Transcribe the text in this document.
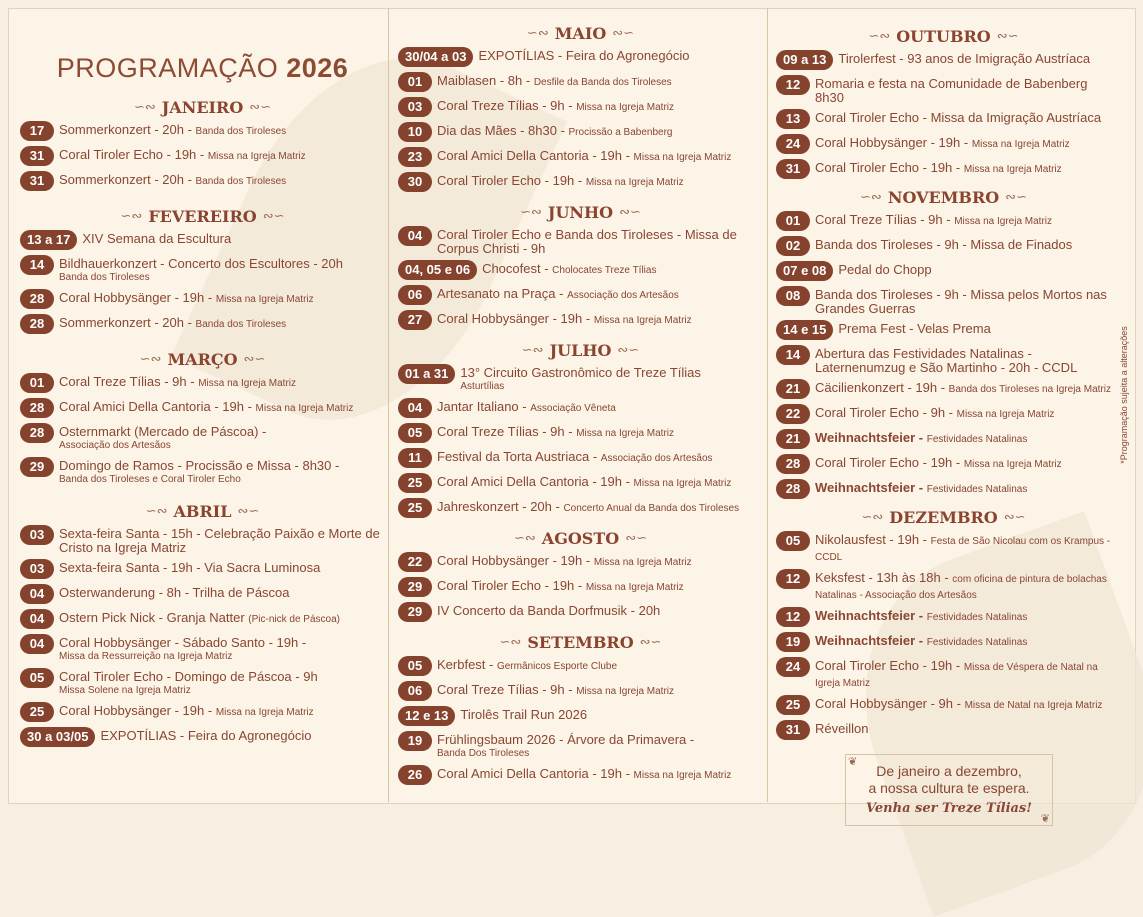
PROGRAMAÇÃO 2026
∽∾ JANEIRO ∾∽
17	Sommerkonzert - 20h - Banda dos Tiroleses
31	Coral Tiroler Echo - 19h - Missa na Igreja Matriz
31	Sommerkonzert - 20h - Banda dos Tiroleses
∽∾ FEVEREIRO ∾∽
13 a 17 XIV Semana da Escultura
14	Bildhauerkonzert - Concerto dos Escultores - 20h
Banda dos Tiroleses
28	Coral Hobbysänger - 19h - Missa na Igreja Matriz
28	Sommerkonzert - 20h - Banda dos Tiroleses
∽∾ MARÇO ∾∽
01	Coral Treze Tílias - 9h - Missa na Igreja Matriz
28	Coral Amici Della Cantoria - 19h - Missa na Igreja Matriz
28	Osternmarkt (Mercado de Páscoa) -
Associação dos Artesãos
29	Domingo de Ramos - Procissão e Missa - 8h30 -
Banda dos Tiroleses e Coral Tiroler Echo
∽∾ ABRIL ∾∽
03	Sexta-feira Santa - 15h - Celebração Paixão e Morte de Cristo na Igreja Matriz
03	Sexta-feira Santa - 19h - Via Sacra Luminosa
04	Osterwanderung - 8h - Trilha de Páscoa
04	Ostern Pick Nick - Granja Natter (Pic-nick de Páscoa)
04	Coral Hobbysänger - Sábado Santo - 19h -
Missa da Ressurreição na Igreja Matriz
05	Coral Tiroler Echo - Domingo de Páscoa - 9h
Missa Solene na Igreja Matriz
25	Coral Hobbysänger - 19h - Missa na Igreja Matriz
30 a 03/05 EXPOTÍLIAS - Feira do Agronegócio
∽∾ MAIO ∾∽
30/04 a 03 EXPOTÍLIAS - Feira do Agronegócio
01	Maiblasen - 8h - Desfile da Banda dos Tiroleses
03	Coral Treze Tílias - 9h - Missa na Igreja Matriz
10	Dia das Mães - 8h30 - Procissão a Babenberg
23	Coral Amici Della Cantoria - 19h - Missa na Igreja Matriz
30	Coral Tiroler Echo - 19h - Missa na Igreja Matriz
∽∾ JUNHO ∾∽
04	Coral Tiroler Echo e Banda dos Tiroleses - Missa de Corpus Christi - 9h
04, 05 e 06 Chocofest - Cholocates Treze Tílias
06	Artesanato na Praça - Associação dos Artesãos
27	Coral Hobbysänger - 19h - Missa na Igreja Matriz
∽∾ JULHO ∾∽
01 a 31 13° Circuito Gastronômico de Treze Tílias
Asturtílias
04	Jantar Italiano - Associação Vêneta
05	Coral Treze Tílias - 9h - Missa na Igreja Matriz
11	Festival da Torta Austriaca - Associação dos Artesãos
25	Coral Amici Della Cantoria - 19h - Missa na Igreja Matriz
25	Jahreskonzert - 20h - Concerto Anual da Banda dos Tiroleses
∽∾ AGOSTO ∾∽
22	Coral Hobbysänger - 19h - Missa na Igreja Matriz
29	Coral Tiroler Echo - 19h - Missa na Igreja Matriz
29	IV Concerto da Banda Dorfmusik - 20h
∽∾ SETEMBRO ∾∽
05	Kerbfest - Germânicos Esporte Clube
06	Coral Treze Tílias - 9h - Missa na Igreja Matriz
12 e 13 Tirolês Trail Run 2026
19	Frühlingsbaum 2026 - Árvore da Primavera -
Banda Dos Tiroleses
26	Coral Amici Della Cantoria - 19h - Missa na Igreja Matriz
∽∾ OUTUBRO ∾∽
09 a 13 Tirolerfest - 93 anos de Imigração Austríaca
12	Romaria e festa na Comunidade de Babenberg 8h30
13	Coral Tiroler Echo - Missa da Imigração Austríaca
24	Coral Hobbysänger - 19h - Missa na Igreja Matriz
31	Coral Tiroler Echo - 19h - Missa na Igreja Matriz
∽∾ NOVEMBRO ∾∽
01	Coral Treze Tílias - 9h - Missa na Igreja Matriz
02	Banda dos Tiroleses - 9h - Missa de Finados
07 e 08 Pedal do Chopp
08	Banda dos Tiroleses - 9h - Missa pelos Mortos nas Grandes Guerras
14 e 15 Prema Fest - Velas Prema
14	Abertura das Festividades Natalinas - Laternenumzug e São Martinho - 20h - CCDL
21	Cäcilienkonzert - 19h - Banda dos Tiroleses na Igreja Matriz
22	Coral Tiroler Echo - 9h - Missa na Igreja Matriz
21	Weihnachtsfeier - Festividades Natalinas
28	Coral Tiroler Echo - 19h - Missa na Igreja Matriz
28	Weihnachtsfeier - Festividades Natalinas
∽∾ DEZEMBRO ∾∽
05	Nikolausfest - 19h - Festa de São Nicolau com os Krampus - CCDL
12	Keksfest - 13h às 18h - com oficina de pintura de bolachas Natalinas - Associação dos Artesãos
12	Weihnachtsfeier - Festividades Natalinas
19	Weihnachtsfeier - Festividades Natalinas
24	Coral Tiroler Echo - 19h - Missa de Véspera de Natal na Igreja Matriz
25	Coral Hobbysänger - 9h - Missa de Natal na Igreja Matriz
31	Réveillon
❦
❦
De janeiro a dezembro,
a nossa cultura te espera.
Venha ser Treze Tílias!
*Programação sujeita a alterações
